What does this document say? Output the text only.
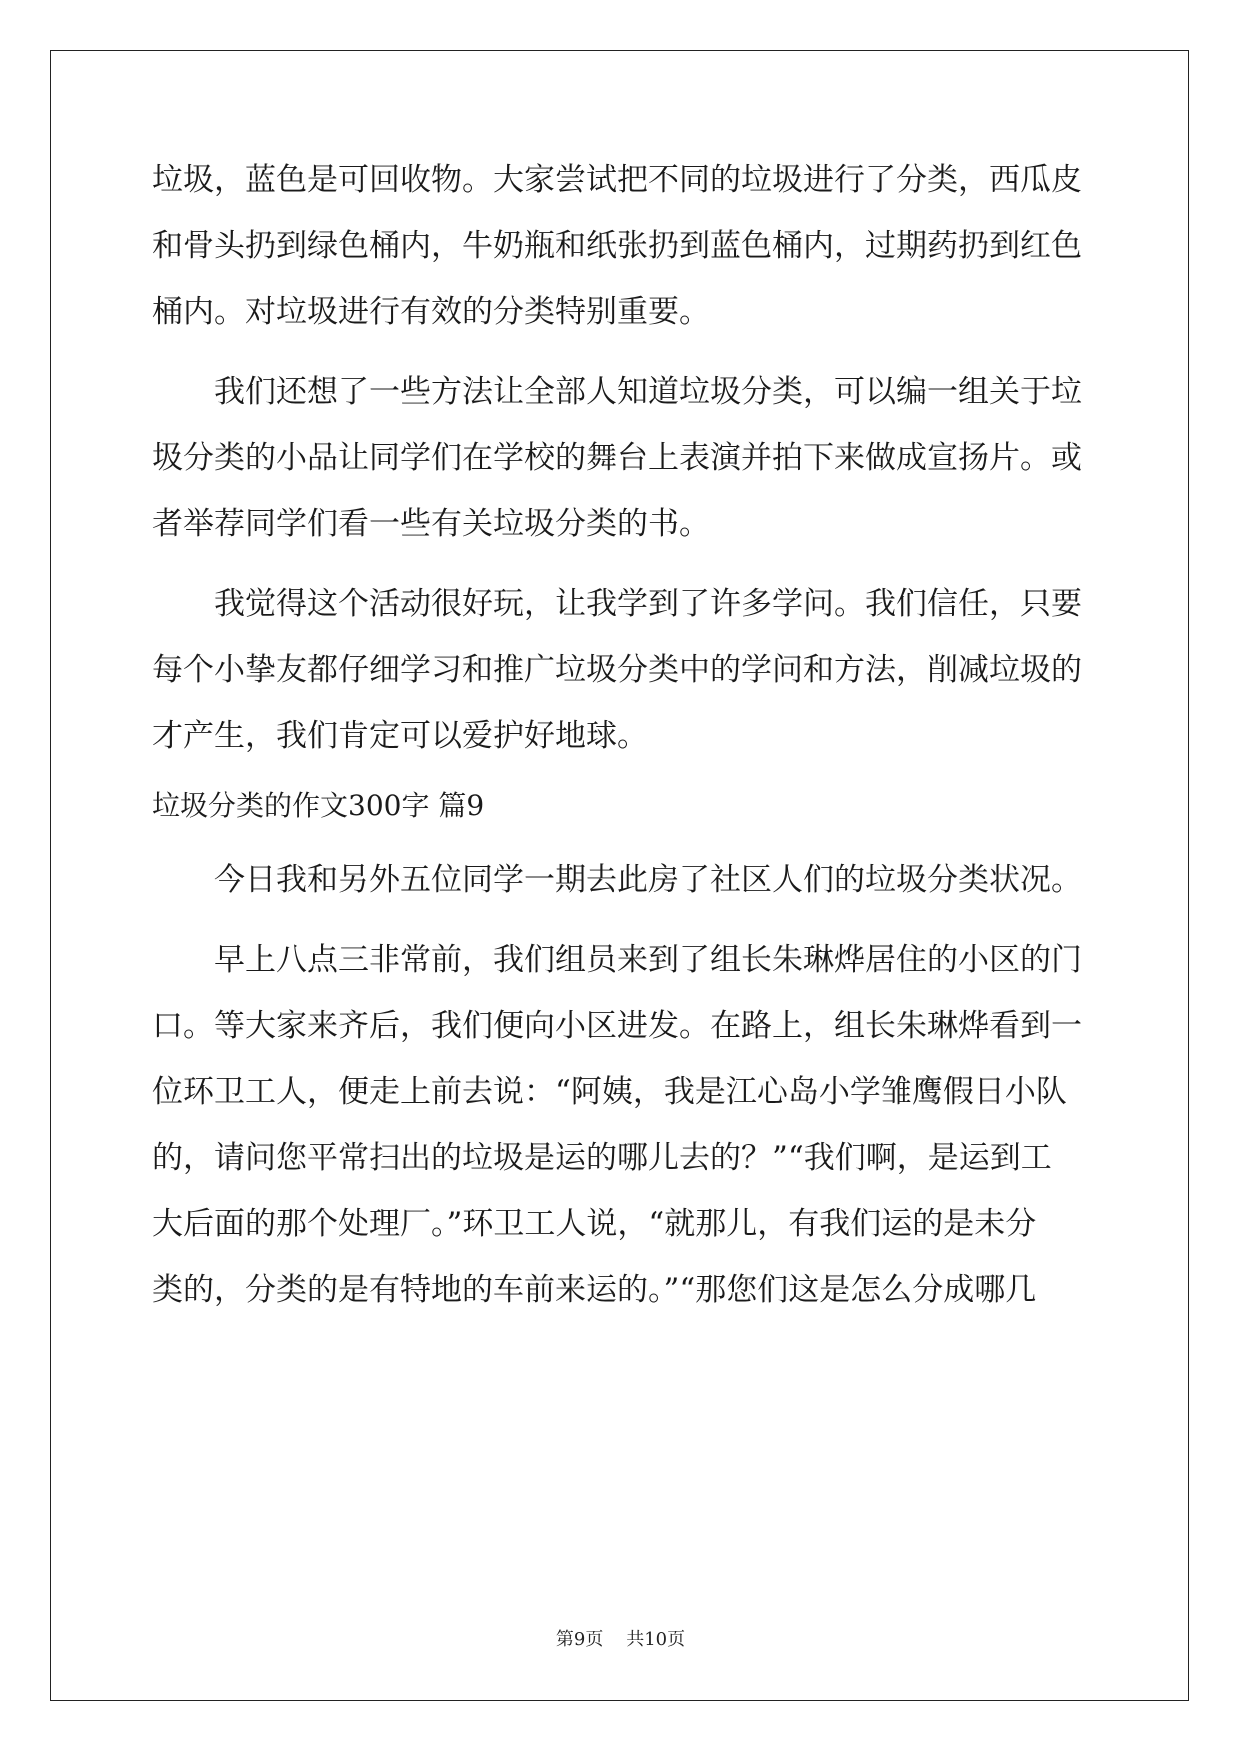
垃圾，蓝色是可回收物。大家尝试把不同的垃圾进行了分类，西瓜皮
和骨头扔到绿色桶内，牛奶瓶和纸张扔到蓝色桶内，过期药扔到红色
桶内。对垃圾进行有效的分类特别重要。
我们还想了一些方法让全部人知道垃圾分类，可以编一组关于垃
圾分类的小品让同学们在学校的舞台上表演并拍下来做成宣扬片。或
者举荐同学们看一些有关垃圾分类的书。
我觉得这个活动很好玩，让我学到了许多学问。我们信任，只要
每个小挚友都仔细学习和推广垃圾分类中的学问和方法，削减垃圾的
才产生，我们肯定可以爱护好地球。
垃圾分类的作文300字 篇9
今日我和另外五位同学一期去此房了社区人们的垃圾分类状况。
早上八点三非常前，我们组员来到了组长朱琳烨居住的小区的门
口。等大家来齐后，我们便向小区进发。在路上，组长朱琳烨看到一
位环卫工人，便走上前去说：“阿姨，我是江心岛小学雏鹰假日小队
的，请问您平常扫出的垃圾是运的哪儿去的？”“我们啊，是运到工
大后面的那个处理厂。”环卫工人说，“就那儿，有我们运的是未分
类的，分类的是有特地的车前来运的。”“那您们这是怎么分成哪几
第9页    共10页
